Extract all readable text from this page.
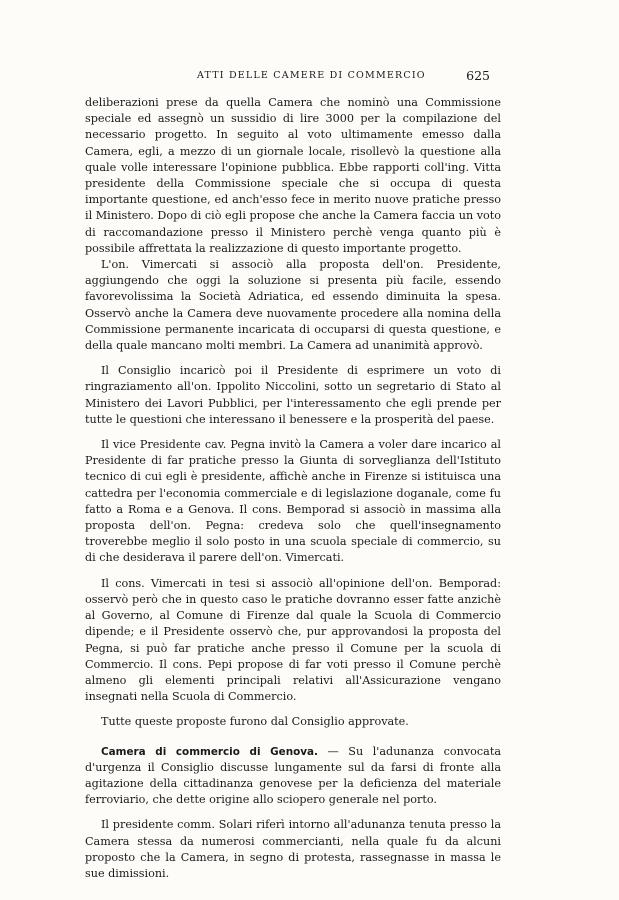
ATTI DELLE CAMERE DI COMMERCIO	625

deliberazioni prese da quella Camera che nominò una Commissione speciale ed assegnò un sussidio di lire 3000 per la compilazione del necessario progetto. In seguito al voto ultimamente emesso dalla Camera, egli, a mezzo di un giornale locale, risollevò la questione alla quale volle interessare l'opinione pubblica. Ebbe rapporti coll'ing. Vitta presidente della Commissione speciale che si occupa di questa importante questione, ed anch'esso fece in merito nuove pratiche presso il Ministero. Dopo di ciò egli propose che anche la Camera faccia un voto di raccomandazione presso il Ministero perchè venga quanto più è possibile affrettata la realizzazione di questo importante progetto.

L'on. Vimercati si associò alla proposta dell'on. Presidente, aggiungendo che oggi la soluzione si presenta più facile, essendo favorevolissima la Società Adriatica, ed essendo diminuita la spesa. Osservò anche la Camera deve nuovamente procedere alla nomina della Commissione permanente incaricata di occuparsi di questa questione, e della quale mancano molti membri. La Camera ad unanimità approvò.

Il Consiglio incaricò poi il Presidente di esprimere un voto di ringraziamento all'on. Ippolito Niccolini, sotto un segretario di Stato al Ministero dei Lavori Pubblici, per l'interessamento che egli prende per tutte le questioni che interessano il benessere e la prosperità del paese.

Il vice Presidente cav. Pegna invitò la Camera a voler dare incarico al Presidente di far pratiche presso la Giunta di sorveglianza dell'Istituto tecnico di cui egli è presidente, affichè anche in Firenze si istituisca una cattedra per l'economia commerciale e di legislazione doganale, come fu fatto a Roma e a Genova. Il cons. Bemporad si associò in massima alla proposta dell'on. Pegna: credeva solo che quell'insegnamento troverebbe meglio il solo posto in una scuola speciale di commercio, su di che desiderava il parere dell'on. Vimercati.

Il cons. Vimercati in tesi si associò all'opinione dell'on. Bemporad: osservò però che in questo caso le pratiche dovranno esser fatte anzichè al Governo, al Comune di Firenze dal quale la Scuola di Commercio dipende; e il Presidente osservò che, pur approvandosi la proposta del Pegna, si può far pratiche anche presso il Comune per la scuola di Commercio. Il cons. Pepi propose di far voti presso il Comune perchè almeno gli elementi principali relativi all'Assicurazione vengano insegnati nella Scuola di Commercio.

Tutte queste proposte furono dal Consiglio approvate.

Camera di commercio di Genova. — Su l'adunanza convocata d'urgenza il Consiglio discusse lungamente sul da farsi di fronte alla agitazione della cittadinanza genovese per la deficienza del materiale ferroviario, che dette origine allo sciopero generale nel porto.

Il presidente comm. Solari riferì intorno all'adunanza tenuta presso la Camera stessa da numerosi commercianti, nella quale fu da alcuni proposto che la Camera, in segno di protesta, rassegnasse in massa le sue dimissioni.
